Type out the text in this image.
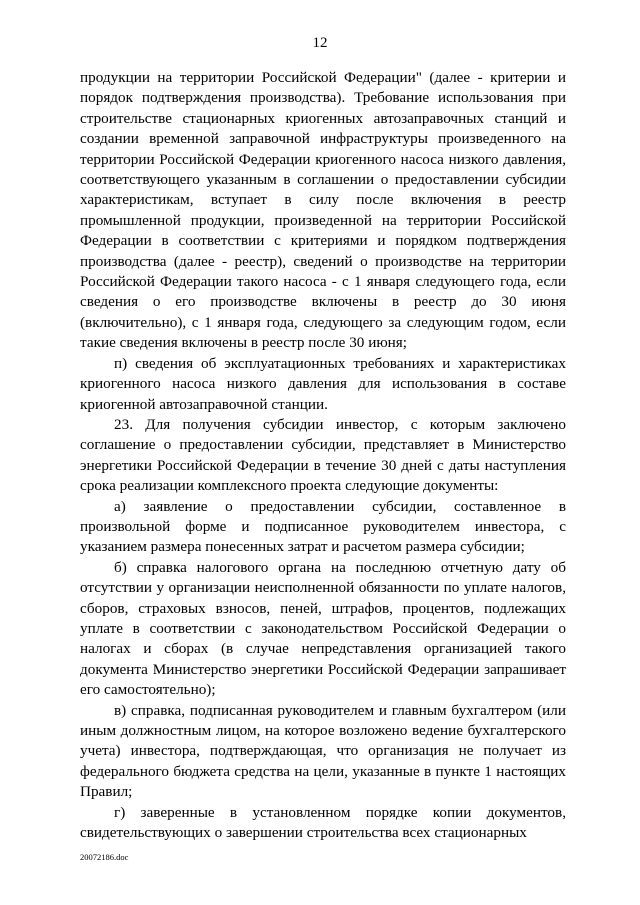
12

продукции на территории Российской Федерации" (далее - критерии и порядок подтверждения производства). Требование использования при строительстве стационарных криогенных автозаправочных станций и создании временной заправочной инфраструктуры произведенного на территории Российской Федерации криогенного насоса низкого давления, соответствующего указанным в соглашении о предоставлении субсидии характеристикам, вступает в силу после включения в реестр промышленной продукции, произведенной на территории Российской Федерации в соответствии с критериями и порядком подтверждения производства (далее - реестр), сведений о производстве на территории Российской Федерации такого насоса - с 1 января следующего года, если сведения о его производстве включены в реестр до 30 июня (включительно), с 1 января года, следующего за следующим годом, если такие сведения включены в реестр после 30 июня;

п) сведения об эксплуатационных требованиях и характеристиках криогенного насоса низкого давления для использования в составе криогенной автозаправочной станции.

23. Для получения субсидии инвестор, с которым заключено соглашение о предоставлении субсидии, представляет в Министерство энергетики Российской Федерации в течение 30 дней с даты наступления срока реализации комплексного проекта следующие документы:

а) заявление о предоставлении субсидии, составленное в произвольной форме и подписанное руководителем инвестора, с указанием размера понесенных затрат и расчетом размера субсидии;

б) справка налогового органа на последнюю отчетную дату об отсутствии у организации неисполненной обязанности по уплате налогов, сборов, страховых взносов, пеней, штрафов, процентов, подлежащих уплате в соответствии с законодательством Российской Федерации о налогах и сборах (в случае непредставления организацией такого документа Министерство энергетики Российской Федерации запрашивает его самостоятельно);

в) справка, подписанная руководителем и главным бухгалтером (или иным должностным лицом, на которое возложено ведение бухгалтерского учета) инвестора, подтверждающая, что организация не получает из федерального бюджета средства на цели, указанные в пункте 1 настоящих Правил;

г) заверенные в установленном порядке копии документов, свидетельствующих о завершении строительства всех стационарных

20072186.doc
